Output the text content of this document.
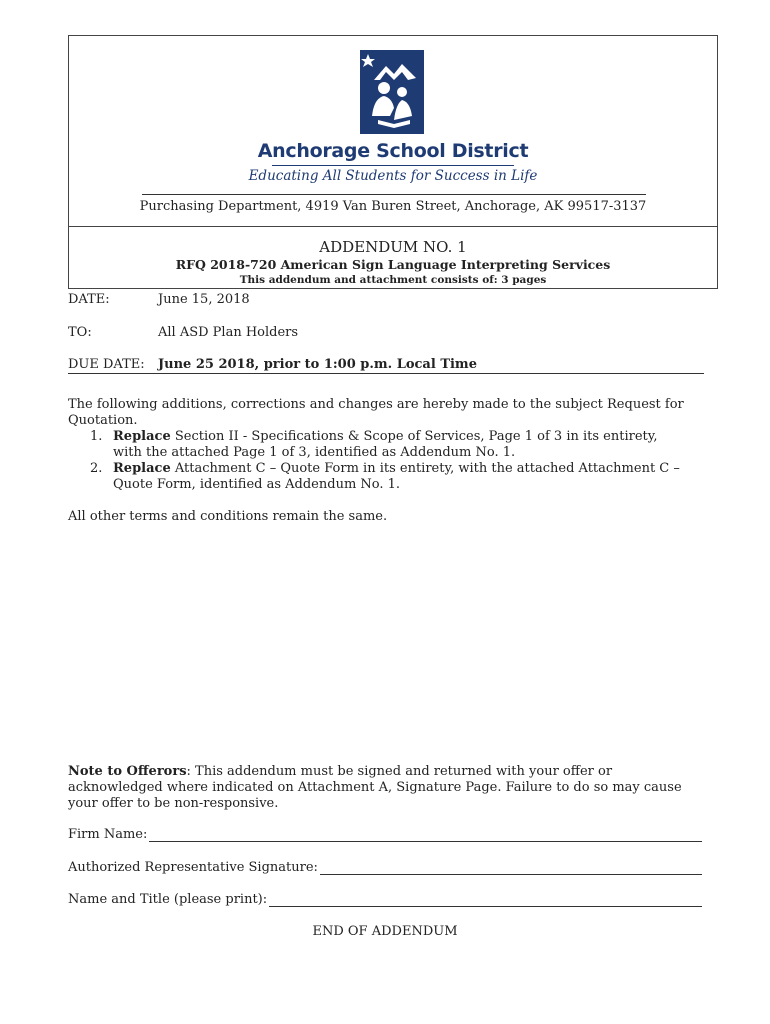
Anchorage School District
Educating All Students for Success in Life
Purchasing Department, 4919 Van Buren Street, Anchorage, AK 99517-3137
ADDENDUM NO. 1
RFQ 2018-720 American Sign Language Interpreting Services
This addendum and attachment consists of: 3 pages
DATE:	June 15, 2018
TO:	All ASD Plan Holders
DUE DATE: June 25 2018, prior to 1:00 p.m. Local Time
The following additions, corrections and changes are hereby made to the subject Request for Quotation.
1. Replace Section II - Specifications & Scope of Services, Page 1 of 3 in its entirety, with the attached Page 1 of 3, identified as Addendum No. 1.
2. Replace Attachment C – Quote Form in its entirety, with the attached Attachment C – Quote Form, identified as Addendum No. 1.
All other terms and conditions remain the same.
Note to Offerors: This addendum must be signed and returned with your offer or acknowledged where indicated on Attachment A, Signature Page. Failure to do so may cause your offer to be non-responsive.
Firm Name:
Authorized Representative Signature:
Name and Title (please print):
END OF ADDENDUM
